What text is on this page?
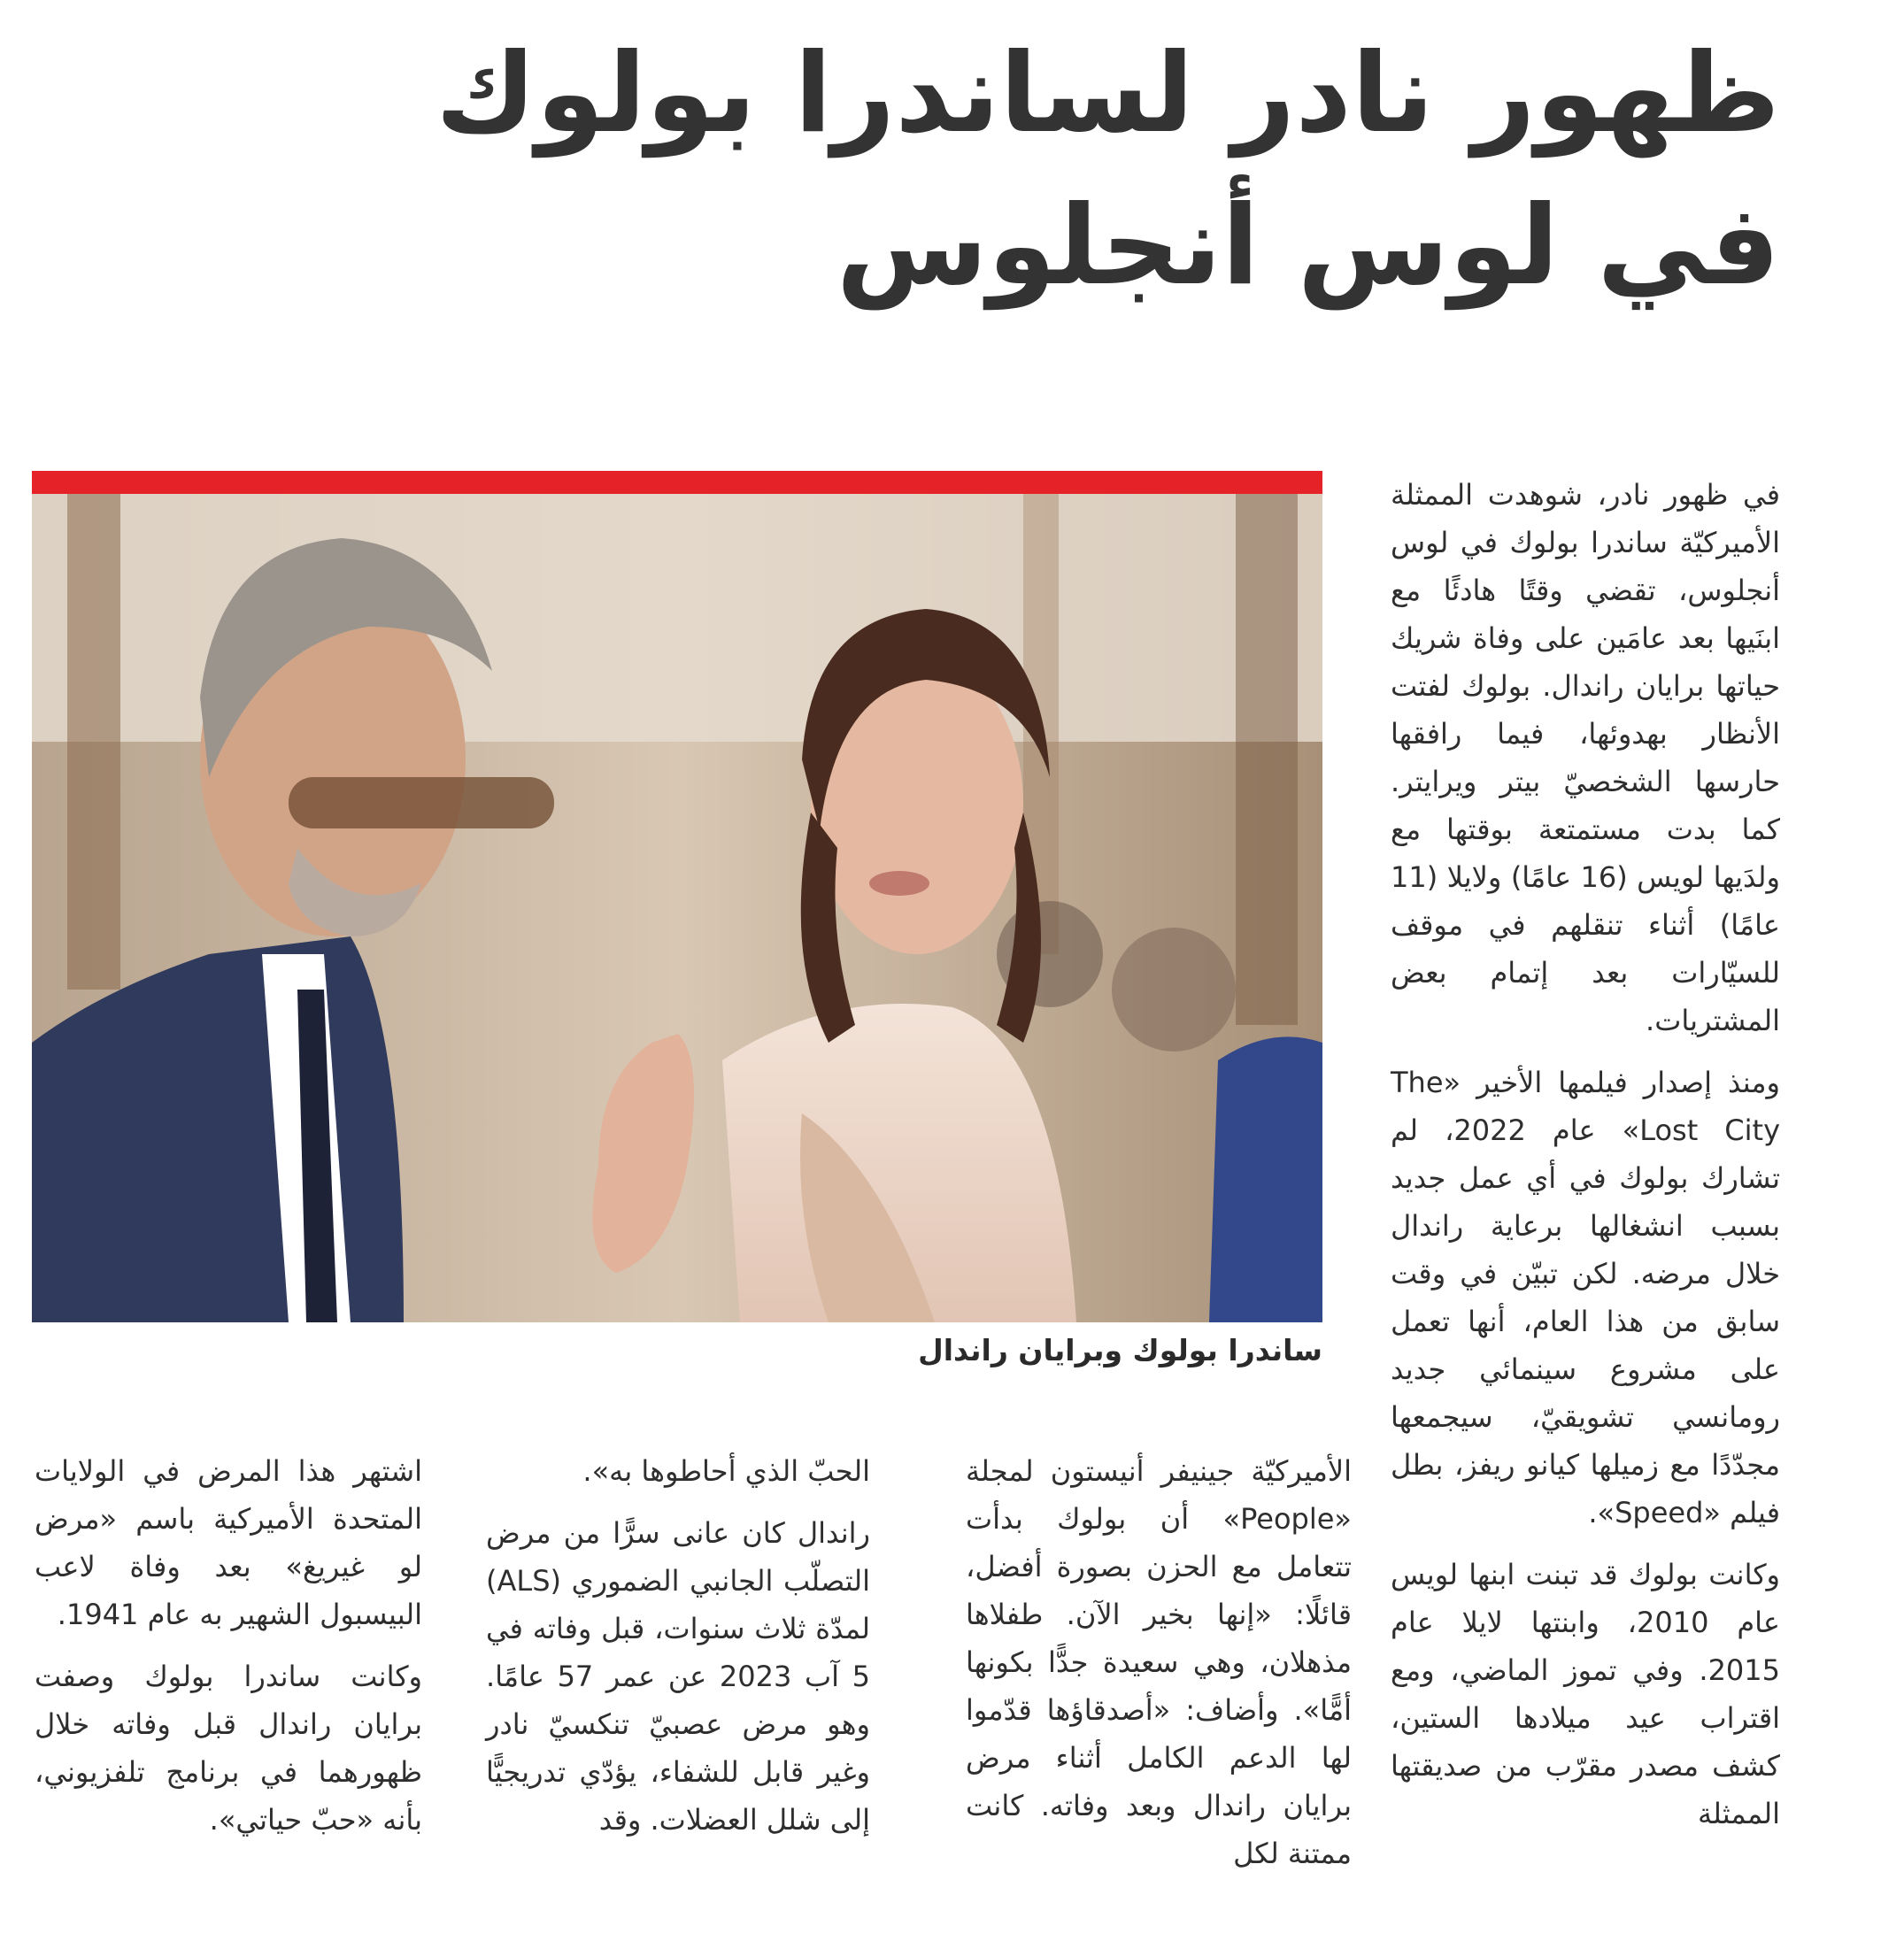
ظهور نادر لساندرا بولوك
في لوس أنجلوس

في ظهور نادر، شوهدت الممثلة الأميركيّة ساندرا بولوك في لوس أنجلوس، تقضي وقتًا هادئًا مع ابنَيها بعد عامَين على وفاة شريك حياتها برايان راندال. بولوك لفتت الأنظار بهدوئها، فيما رافقها حارسها الشخصيّ بيتر ويرايتر. كما بدت مستمتعة بوقتها مع ولدَيها لويس (16 عامًا) ولايلا (11 عامًا) أثناء تنقلهم في موقف للسيّارات بعد إتمام بعض المشتريات.

ومنذ إصدار فيلمها الأخير «The Lost City» عام 2022، لم تشارك بولوك في أي عمل جديد بسبب انشغالها برعاية راندال خلال مرضه. لكن تبيّن في وقت سابق من هذا العام، أنها تعمل على مشروع سينمائي جديد رومانسي تشويقيّ، سيجمعها مجدّدًا مع زميلها كيانو ريفز، بطل فيلم «Speed».

وكانت بولوك قد تبنت ابنها لويس عام 2010، وابنتها لايلا عام 2015. وفي تموز الماضي، ومع اقتراب عيد ميلادها الستين، كشف مصدر مقرّب من صديقتها الممثلة

ساندرا بولوك وبرايان راندال

الأميركيّة جينيفر أنيستون لمجلة «People» أن بولوك بدأت تتعامل مع الحزن بصورة أفضل، قائلًا: «إنها بخير الآن. طفلاها مذهلان، وهي سعيدة جدًّا بكونها أمًّا». وأضاف: «أصدقاؤها قدّموا لها الدعم الكامل أثناء مرض برايان راندال وبعد وفاته. كانت ممتنة لكل

الحبّ الذي أحاطوها به».

راندال كان عانى سرًّا من مرض التصلّب الجانبي الضموري (ALS) لمدّة ثلاث سنوات، قبل وفاته في 5 آب 2023 عن عمر 57 عامًا. وهو مرض عصبيّ تنكسيّ نادر وغير قابل للشفاء، يؤدّي تدريجيًّا إلى شلل العضلات. وقد

اشتهر هذا المرض في الولايات المتحدة الأميركية باسم «مرض لو غيريغ» بعد وفاة لاعب البيسبول الشهير به عام 1941.

وكانت ساندرا بولوك وصفت برايان راندال قبل وفاته خلال ظهورهما في برنامج تلفزيوني، بأنه «حبّ حياتي».
